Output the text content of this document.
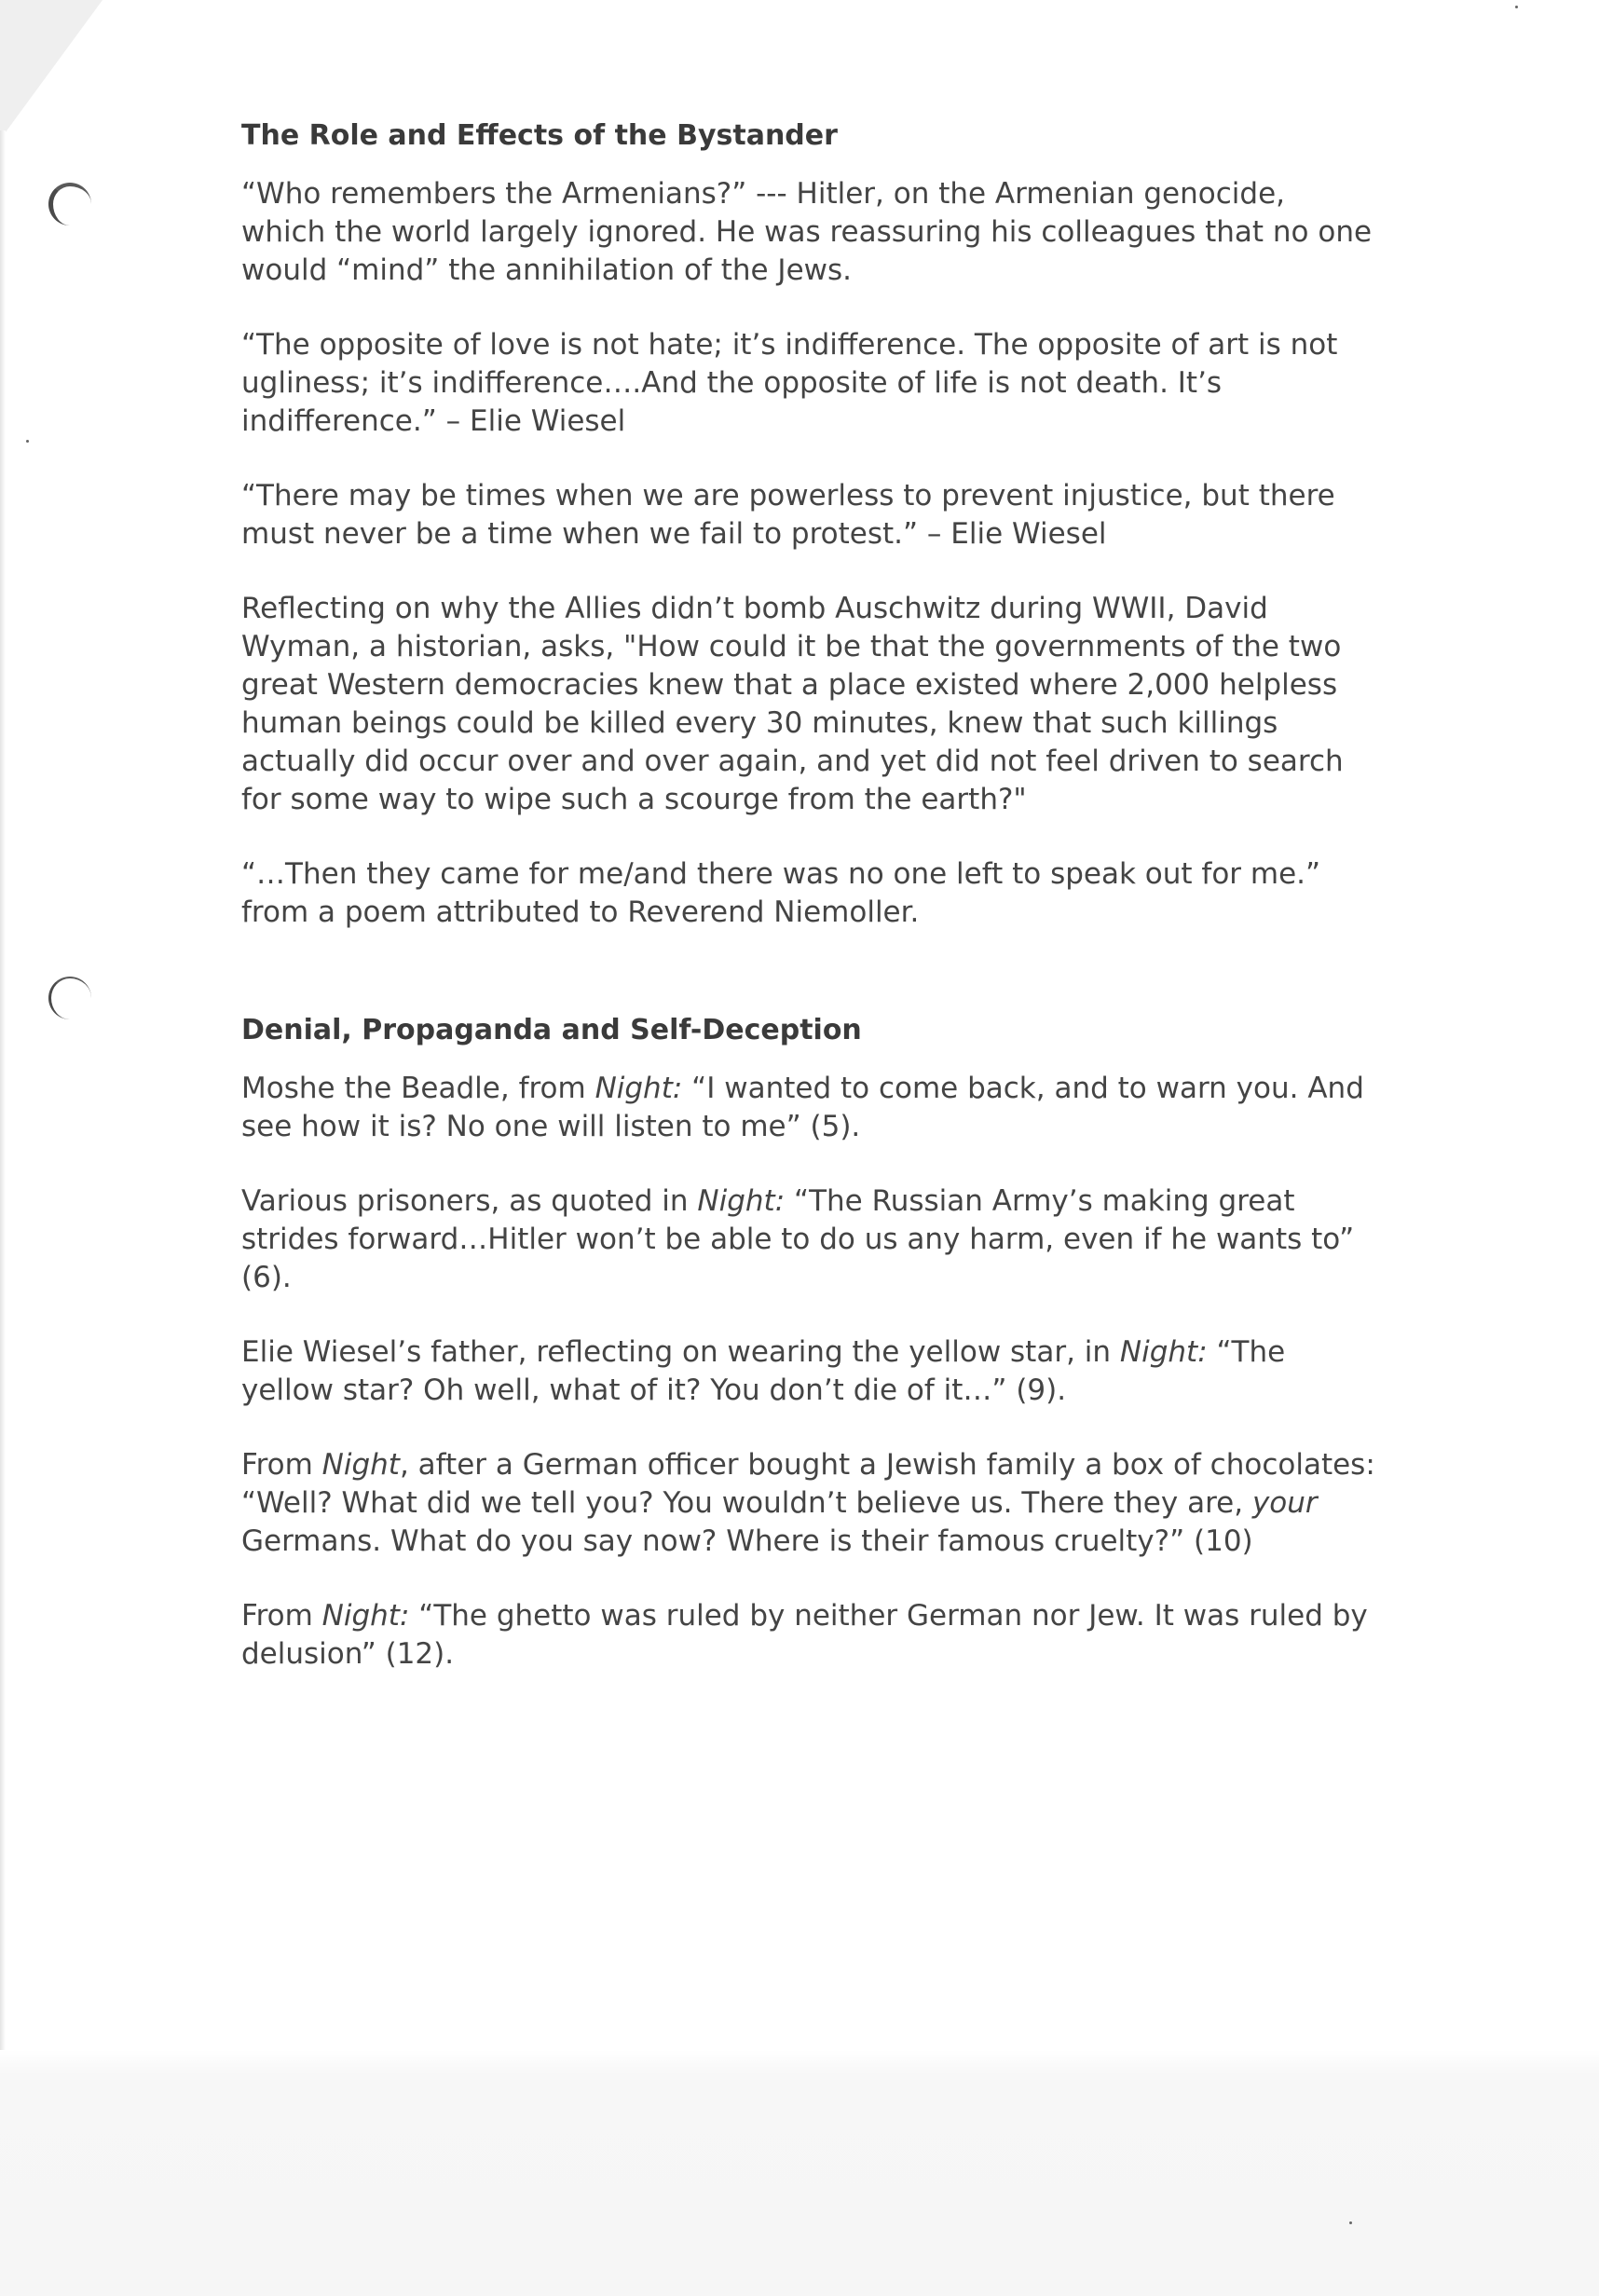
The Role and Effects of the Bystander

“Who remembers the Armenians?” --- Hitler, on the Armenian genocide, which the world largely ignored. He was reassuring his colleagues that no one would “mind” the annihilation of the Jews.

“The opposite of love is not hate; it’s indifference. The opposite of art is not ugliness; it’s indifference….And the opposite of life is not death. It’s indifference.” – Elie Wiesel

“There may be times when we are powerless to prevent injustice, but there must never be a time when we fail to protest.” – Elie Wiesel

Reflecting on why the Allies didn’t bomb Auschwitz during WWII, David Wyman, a historian, asks, "How could it be that the governments of the two great Western democracies knew that a place existed where 2,000 helpless human beings could be killed every 30 minutes, knew that such killings actually did occur over and over again, and yet did not feel driven to search for some way to wipe such a scourge from the earth?"

“…Then they came for me/and there was no one left to speak out for me.” from a poem attributed to Reverend Niemoller.

Denial, Propaganda and Self-Deception

Moshe the Beadle, from Night: “I wanted to come back, and to warn you. And see how it is? No one will listen to me” (5).

Various prisoners, as quoted in Night: “The Russian Army’s making great strides forward…Hitler won’t be able to do us any harm, even if he wants to” (6).

Elie Wiesel’s father, reflecting on wearing the yellow star, in Night: “The yellow star? Oh well, what of it? You don’t die of it…” (9).

From Night, after a German officer bought a Jewish family a box of chocolates: “Well? What did we tell you? You wouldn’t believe us. There they are, your Germans. What do you say now? Where is their famous cruelty?” (10)

From Night: “The ghetto was ruled by neither German nor Jew. It was ruled by delusion” (12).
